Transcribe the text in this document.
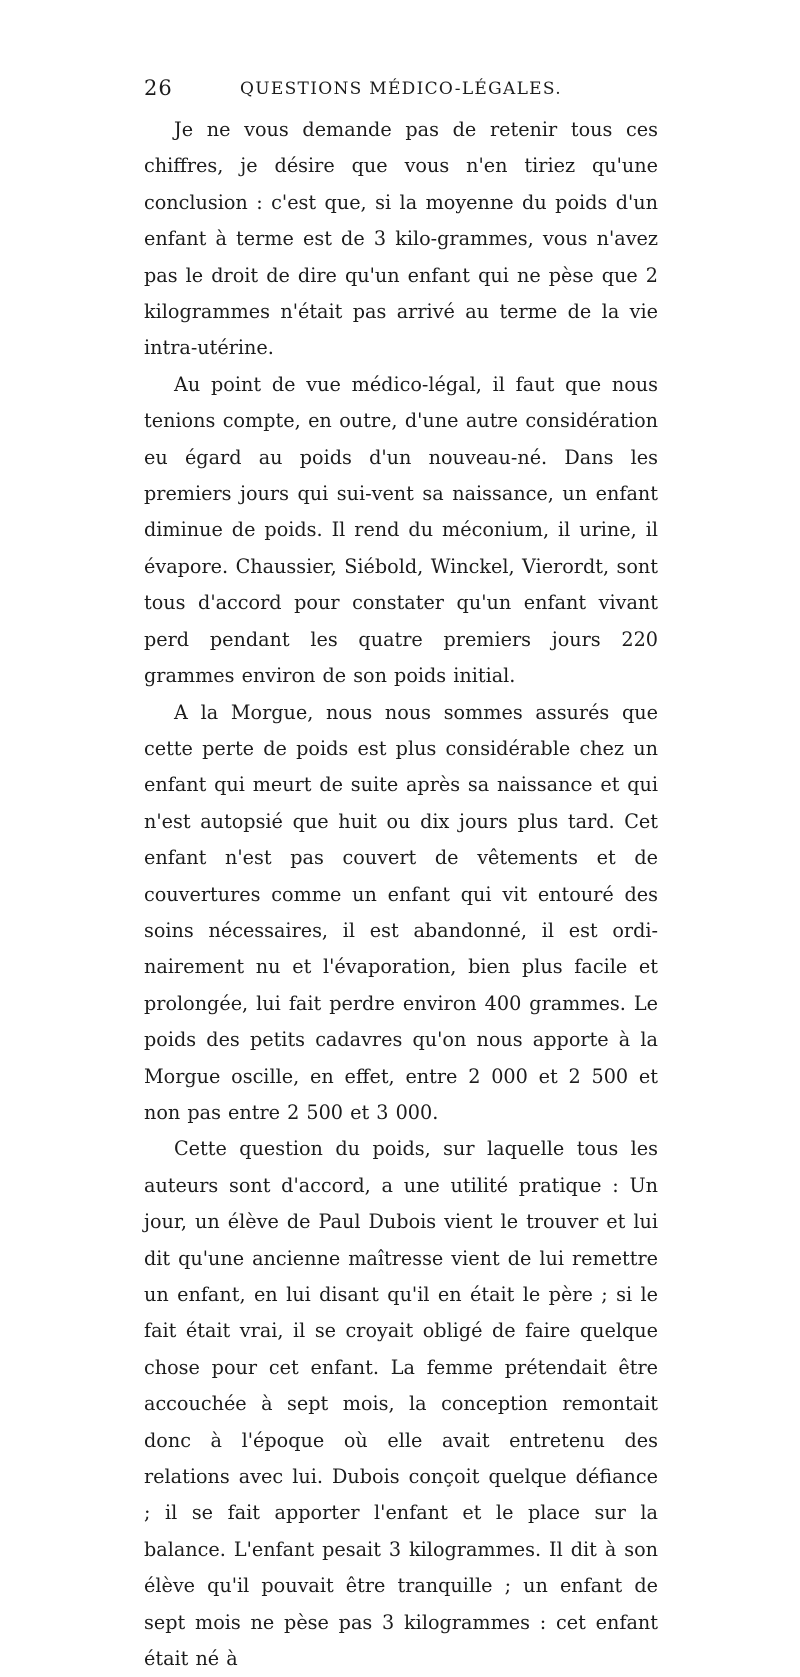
26	QUESTIONS MÉDICO-LÉGALES.

Je ne vous demande pas de retenir tous ces chiffres, je désire que vous n'en tiriez qu'une conclusion : c'est que, si la moyenne du poids d'un enfant à terme est de 3 kilo-grammes, vous n'avez pas le droit de dire qu'un enfant qui ne pèse que 2 kilogrammes n'était pas arrivé au terme de la vie intra-utérine.

Au point de vue médico-légal, il faut que nous tenions compte, en outre, d'une autre considération eu égard au poids d'un nouveau-né. Dans les premiers jours qui sui-vent sa naissance, un enfant diminue de poids. Il rend du méconium, il urine, il évapore. Chaussier, Siébold, Winckel, Vierordt, sont tous d'accord pour constater qu'un enfant vivant perd pendant les quatre premiers jours 220 grammes environ de son poids initial.

A la Morgue, nous nous sommes assurés que cette perte de poids est plus considérable chez un enfant qui meurt de suite après sa naissance et qui n'est autopsié que huit ou dix jours plus tard. Cet enfant n'est pas couvert de vêtements et de couvertures comme un enfant qui vit entouré des soins nécessaires, il est abandonné, il est ordi-nairement nu et l'évaporation, bien plus facile et prolongée, lui fait perdre environ 400 grammes. Le poids des petits cadavres qu'on nous apporte à la Morgue oscille, en effet, entre 2 000 et 2 500 et non pas entre 2 500 et 3 000.

Cette question du poids, sur laquelle tous les auteurs sont d'accord, a une utilité pratique : Un jour, un élève de Paul Dubois vient le trouver et lui dit qu'une ancienne maîtresse vient de lui remettre un enfant, en lui disant qu'il en était le père ; si le fait était vrai, il se croyait obligé de faire quelque chose pour cet enfant. La femme prétendait être accouchée à sept mois, la conception remontait donc à l'époque où elle avait entretenu des relations avec lui. Dubois conçoit quelque défiance ; il se fait apporter l'enfant et le place sur la balance. L'enfant pesait 3 kilogrammes. Il dit à son élève qu'il pouvait être tranquille ; un enfant de sept mois ne pèse pas 3 kilogrammes : cet enfant était né à
